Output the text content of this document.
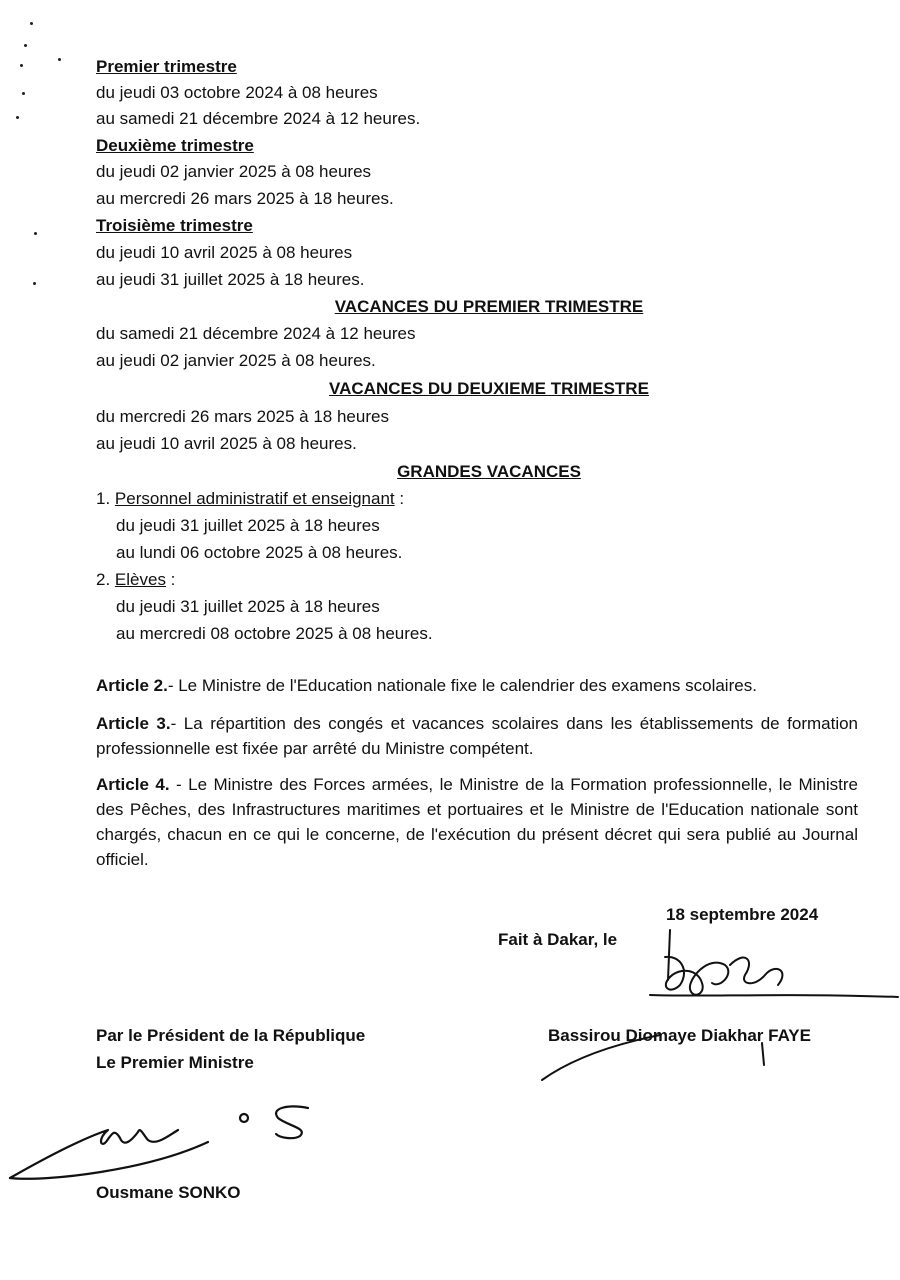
Premier trimestre
du jeudi 03 octobre 2024 à 08 heures
au samedi 21 décembre 2024 à 12 heures.
Deuxième trimestre
du jeudi 02 janvier 2025 à 08 heures
au mercredi 26 mars 2025 à 18 heures.
Troisième trimestre
du jeudi 10 avril 2025 à 08 heures
au jeudi 31 juillet 2025 à 18 heures.
VACANCES DU PREMIER TRIMESTRE
du samedi 21 décembre 2024 à 12 heures
au jeudi 02 janvier 2025 à 08 heures.
VACANCES DU DEUXIEME TRIMESTRE
du mercredi 26 mars 2025 à 18 heures
au jeudi 10 avril 2025 à 08 heures.
GRANDES VACANCES
1. Personnel administratif et enseignant :
du jeudi 31 juillet 2025 à 18 heures
au lundi 06 octobre 2025 à 08 heures.
2. Elèves :
du jeudi 31 juillet 2025 à 18 heures
au mercredi 08 octobre 2025 à 08 heures.
Article 2.- Le Ministre de l'Education nationale fixe le calendrier des examens scolaires.
Article 3.- La répartition des congés et vacances scolaires dans les établissements de formation professionnelle est fixée par arrêté du Ministre compétent.
Article 4. - Le Ministre des Forces armées, le Ministre de la Formation professionnelle, le Ministre des Pêches, des Infrastructures maritimes et portuaires et le Ministre de l'Education nationale sont chargés, chacun en ce qui le concerne, de l'exécution du présent décret qui sera publié au Journal officiel.
18 septembre 2024
Fait à Dakar, le
Bassirou Diomaye Diakhar FAYE
Par le Président de la République
Le Premier Ministre
Ousmane SONKO
